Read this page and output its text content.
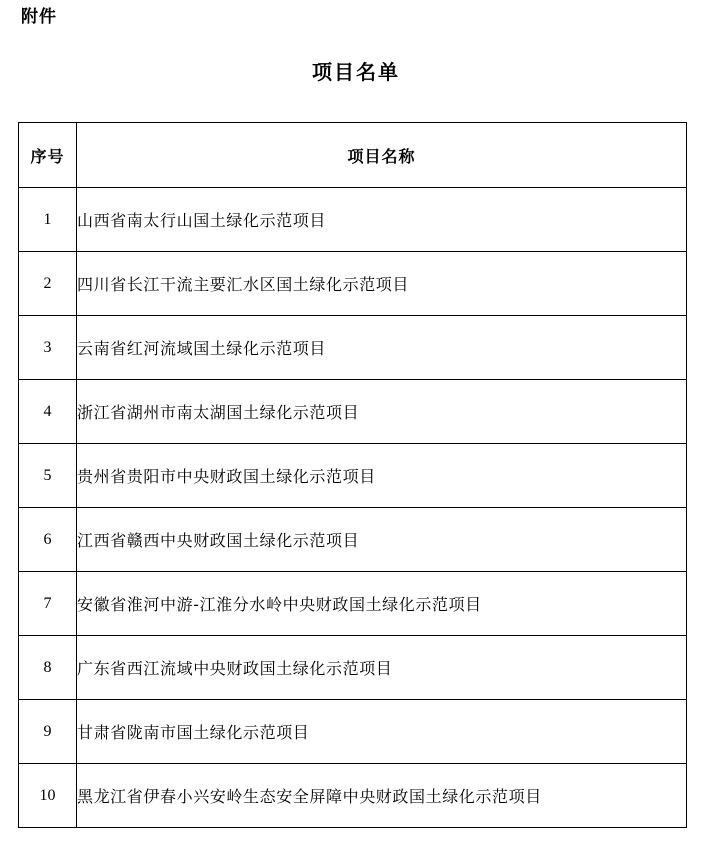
附件
项目名单
序号	项目名称
1	山西省南太行山国土绿化示范项目
2	四川省长江干流主要汇水区国土绿化示范项目
3	云南省红河流域国土绿化示范项目
4	浙江省湖州市南太湖国土绿化示范项目
5	贵州省贵阳市中央财政国土绿化示范项目
6	江西省赣西中央财政国土绿化示范项目
7	安徽省淮河中游-江淮分水岭中央财政国土绿化示范项目
8	广东省西江流域中央财政国土绿化示范项目
9	甘肃省陇南市国土绿化示范项目
10	黑龙江省伊春小兴安岭生态安全屏障中央财政国土绿化示范项目
